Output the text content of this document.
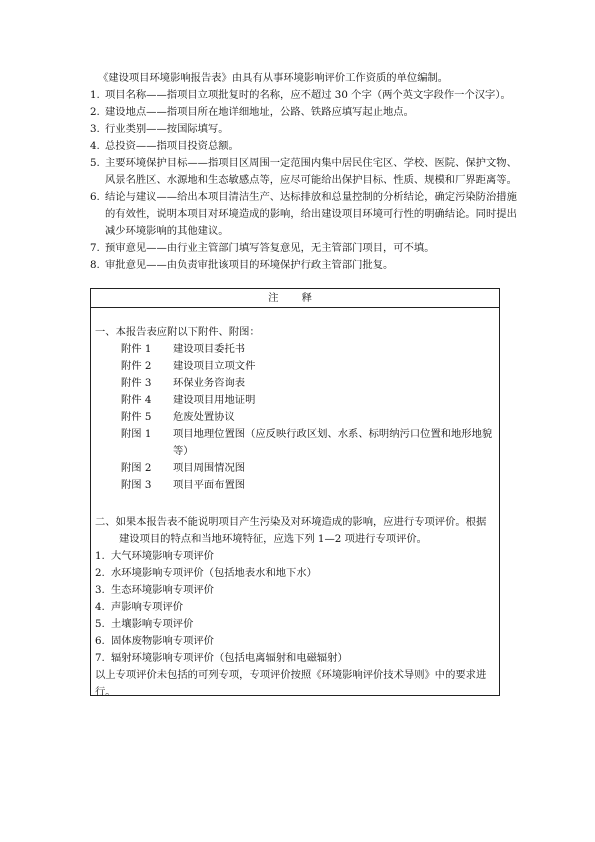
《建设项目环境影响报告表》由具有从事环境影响评价工作资质的单位编制。
1. 项目名称——指项目立项批复时的名称，应不超过 30 个字（两个英文字段作一个汉字）。
2. 建设地点——指项目所在地详细地址，公路、铁路应填写起止地点。
3. 行业类别——按国际填写。
4. 总投资——指项目投资总额。
5. 主要环境保护目标——指项目区周围一定范围内集中居民住宅区、学校、医院、保护文物、风景名胜区、水源地和生态敏感点等，应尽可能给出保护目标、性质、规模和厂界距离等。
6. 结论与建议——给出本项目清洁生产、达标排放和总量控制的分析结论，确定污染防治措施的有效性，说明本项目对环境造成的影响，给出建设项目环境可行性的明确结论。同时提出减少环境影响的其他建议。
7. 预审意见——由行业主管部门填写答复意见，无主管部门项目，可不填。
8. 审批意见——由负责审批该项目的环境保护行政主管部门批复。
注 释
一、本报告表应附以下附件、附图：
附件 1	建设项目委托书
附件 2	建设项目立项文件
附件 3	环保业务咨询表
附件 4	建设项目用地证明
附件 5	危废处置协议
附图 1	项目地理位置图（应反映行政区划、水系、标明纳污口位置和地形地貌等）
附图 2	项目周围情况图
附图 3	项目平面布置图
二、如果本报告表不能说明项目产生污染及对环境造成的影响，应进行专项评价。根据建设项目的特点和当地环境特征，应选下列 1—2 项进行专项评价。
1. 大气环境影响专项评价
2. 水环境影响专项评价（包括地表水和地下水）
3. 生态环境影响专项评价
4. 声影响专项评价
5. 土壤影响专项评价
6. 固体废物影响专项评价
7. 辐射环境影响专项评价（包括电离辐射和电磁辐射）
以上专项评价未包括的可列专项，专项评价按照《环境影响评价技术导则》中的要求进行。
